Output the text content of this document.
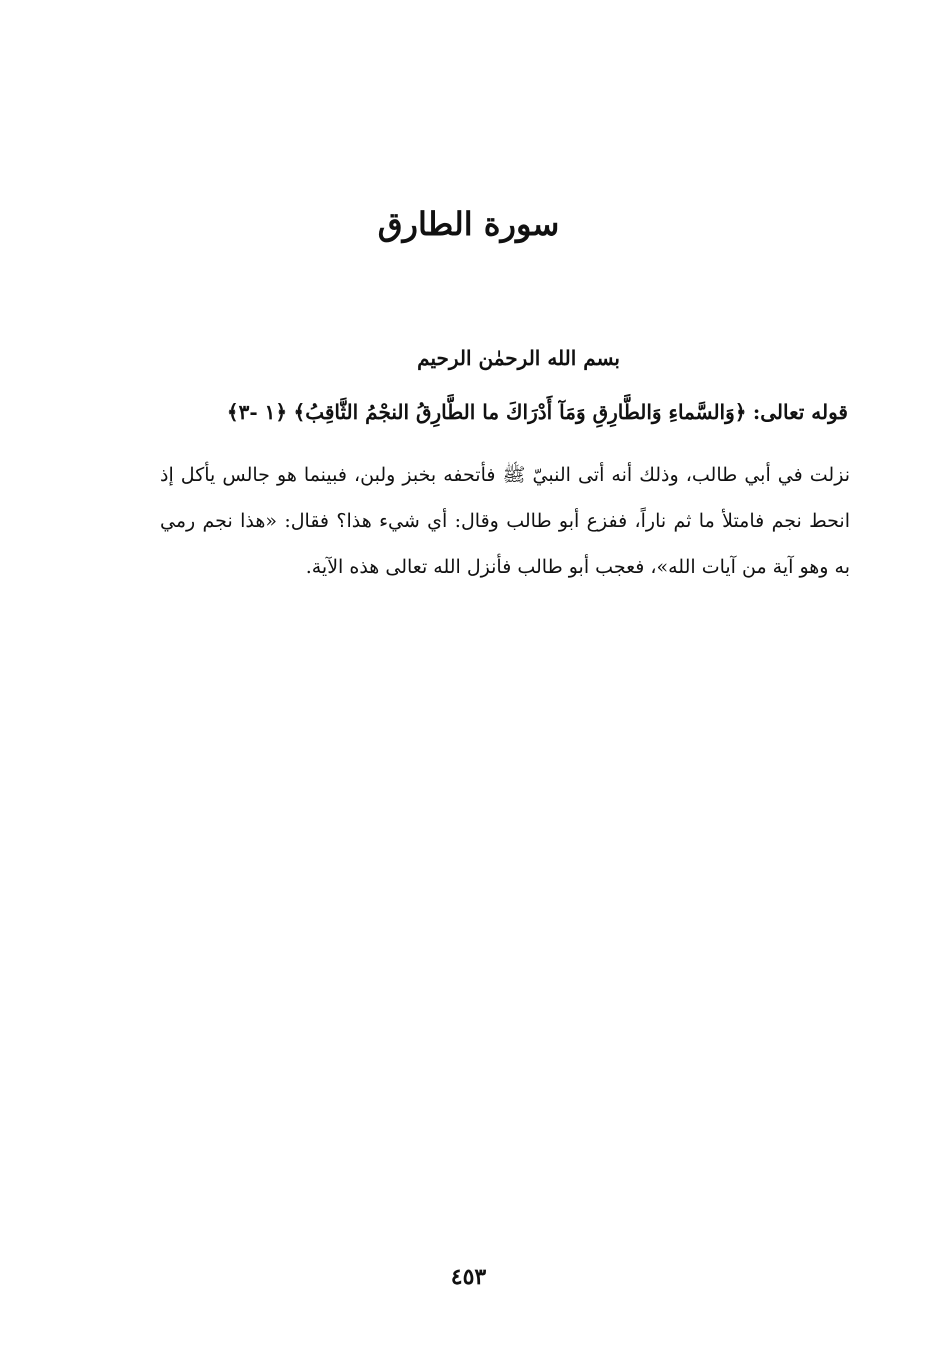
سورة الطارق
بسم الله الرحمٰن الرحيم
قوله تعالى: ﴿وَالسَّماءِ وَالطَّارِقِ وَمَآ أَدْرَاكَ ما الطَّارِقُ النجْمُ الثَّاقِبُ﴾ ﴿١ -٣﴾
نزلت في أبي طالب، وذلك أنه أتى النبيّ ﷺ فأتحفه بخبز ولبن، فبينما هو جالس يأكل إذ انحط نجم فامتلأ ما ثم ناراً، ففزع أبو طالب وقال: أي شيء هذا؟ فقال: «هذا نجم رمي به وهو آية من آيات الله»، فعجب أبو طالب فأنزل الله تعالى هذه الآية.
٤٥٣
